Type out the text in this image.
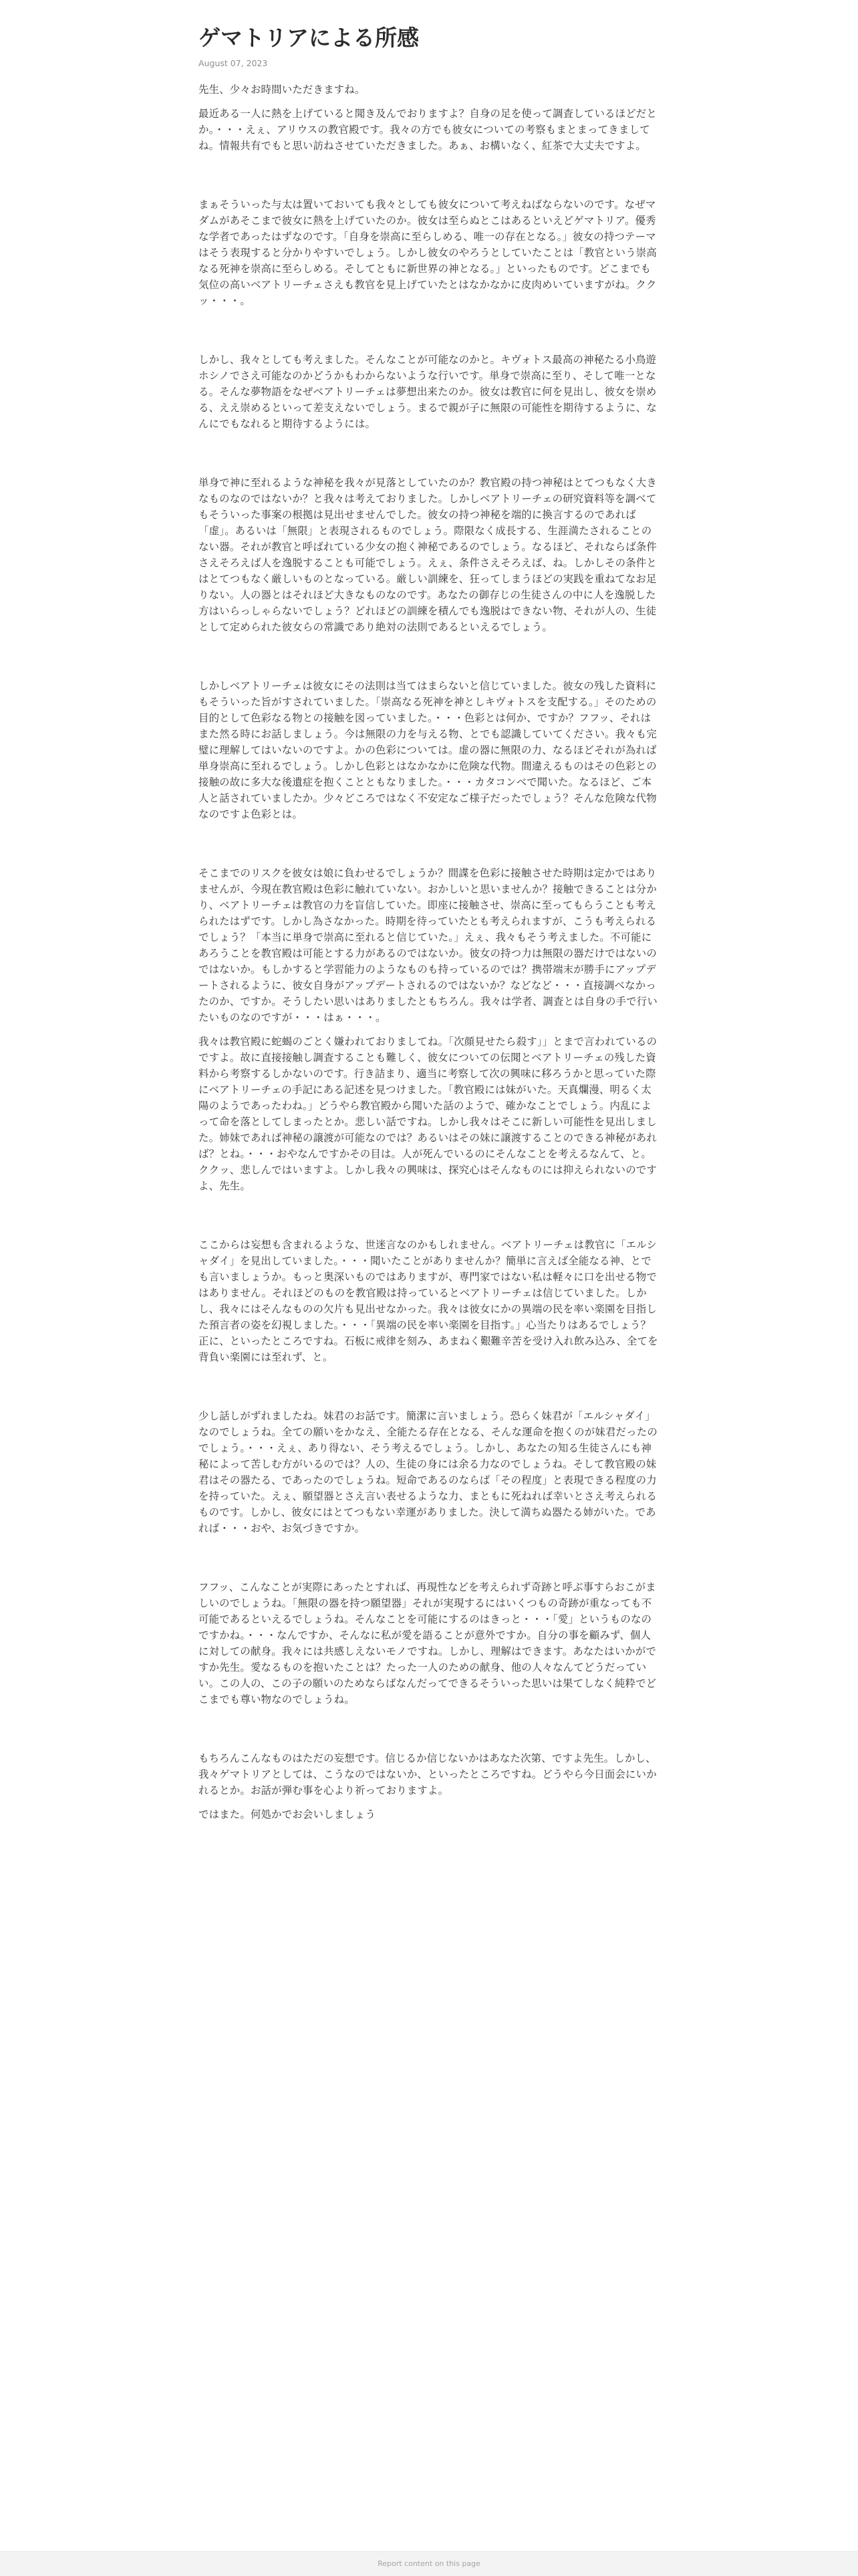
ゲマトリアによる所感
August 07, 2023

先生、少々お時間いただきますね。

最近ある一人に熱を上げていると聞き及んでおりますよ？自身の足を使って調査しているほどだとか。・・・えぇ、アリウスの教官殿です。我々の方でも彼女についての考察もまとまってきましてね。情報共有でもと思い訪ねさせていただきました。あぁ、お構いなく、紅茶で大丈夫ですよ。

まぁそういった与太は置いておいても我々としても彼女について考えねばならないのです。なぜマダムがあそこまで彼女に熱を上げていたのか。彼女は至らぬとこはあるといえどゲマトリア。優秀な学者であったはずなのです。「自身を崇高に至らしめる、唯一の存在となる。」彼女の持つテーマはそう表現すると分かりやすいでしょう。しかし彼女のやろうとしていたことは「教官という崇高なる死神を崇高に至らしめる。そしてともに新世界の神となる。」といったものです。どこまでも気位の高いベアトリーチェさえも教官を見上げていたとはなかなかに皮肉めいていますがね。ククッ・・・。

しかし、我々としても考えました。そんなことが可能なのかと。キヴォトス最高の神秘たる小鳥遊ホシノでさえ可能なのかどうかもわからないような行いです。単身で崇高に至り、そして唯一となる。そんな夢物語をなぜベアトリーチェは夢想出来たのか。彼女は教官に何を見出し、彼女を崇める、ええ崇めるといって差支えないでしょう。まるで親が子に無限の可能性を期待するように、なんにでもなれると期待するようには。

単身で神に至れるような神秘を我々が見落としていたのか？教官殿の持つ神秘はとてつもなく大きなものなのではないか？と我々は考えておりました。しかしベアトリーチェの研究資料等を調べてもそういった事案の根拠は見出せませんでした。彼女の持つ神秘を端的に換言するのであれば「虚」。あるいは「無限」と表現されるものでしょう。際限なく成長する、生涯満たされることのない器。それが教官と呼ばれている少女の抱く神秘であるのでしょう。なるほど、それならば条件さえそろえば人を逸脱することも可能でしょう。えぇ、条件さえそろえば、ね。しかしその条件とはとてつもなく厳しいものとなっている。厳しい訓練を、狂ってしまうほどの実践を重ねてなお足りない。人の器とはそれほど大きなものなのです。あなたの御存じの生徒さんの中に人を逸脱した方はいらっしゃらないでしょう？どれほどの訓練を積んでも逸脱はできない物、それが人の、生徒として定められた彼女らの常識であり絶対の法則であるといえるでしょう。

しかしベアトリーチェは彼女にその法則は当てはまらないと信じていました。彼女の残した資料にもそういった旨がすされていました。「崇高なる死神を神としキヴォトスを支配する。」そのための目的として色彩なる物との接触を図っていました。・・・色彩とは何か、ですか？フフッ、それはまた然る時にお話しましょう。今は無限の力を与える物、とでも認識していてください。我々も完璧に理解してはいないのですよ。かの色彩については。虚の器に無限の力、なるほどそれが為れば単身崇高に至れるでしょう。しかし色彩とはなかなかに危険な代物。間違えるものはその色彩との接触の故に多大な後遺症を抱くことともなりました。・・・カタコンベで聞いた。なるほど、ご本人と話されていましたか。少々どころではなく不安定なご様子だったでしょう？そんな危険な代物なのですよ色彩とは。

そこまでのリスクを彼女は娘に負わせるでしょうか？間諜を色彩に接触させた時期は定かではありませんが、今現在教官殿は色彩に触れていない。おかしいと思いませんか？接触できることは分かり、ベアトリーチェは教官の力を盲信していた。即座に接触させ、崇高に至ってもらうことも考えられたはずです。しかし為さなかった。時期を待っていたとも考えられますが、こうも考えられるでしょう？「本当に単身で崇高に至れると信じていた。」えぇ、我々もそう考えました。不可能にあろうことを教官殿は可能とする力があるのではないか。彼女の持つ力は無限の器だけではないのではないか。もしかすると学習能力のようなものも持っているのでは？携帯端末が勝手にアップデートされるように、彼女自身がアップデートされるのではないか？などなど・・・直接調べなかったのか、ですか。そうしたい思いはありましたともちろん。我々は学者、調査とは自身の手で行いたいものなのですが・・・はぁ・・・。

我々は教官殿に蛇蝎のごとく嫌われておりましてね。「次顔見せたら殺す」」とまで言われているのですよ。故に直接接触し調査することも難しく、彼女についての伝聞とベアトリーチェの残した資料から考察するしかないのです。行き詰まり、適当に考察して次の興味に移ろうかと思っていた際にベアトリーチェの手記にある記述を見つけました。「教官殿には妹がいた。天真爛漫、明るく太陽のようであったわね。」どうやら教官殿から聞いた話のようで、確かなことでしょう。内乱によって命を落としてしまったとか。悲しい話ですね。しかし我々はそこに新しい可能性を見出しました。姉妹であれば神秘の譲渡が可能なのでは？あるいはその妹に譲渡することのできる神秘があれば？とね。・・・おやなんですかその目は。人が死んでいるのにそんなことを考えるなんて、と。ククッ、悲しんではいますよ。しかし我々の興味は、探究心はそんなものには抑えられないのですよ、先生。

ここからは妄想も含まれるような、世迷言なのかもしれません。ベアトリーチェは教官に「エルシャダイ」を見出していました。・・・聞いたことがありませんか？簡単に言えば全能なる神、とでも言いましょうか。もっと奥深いものではありますが、専門家ではない私は軽々に口を出せる物ではありません。それほどのものを教官殿は持っているとベアトリーチェは信じていました。しかし、我々にはそんなものの欠片も見出せなかった。我々は彼女にかの異端の民を率い楽園を目指した預言者の姿を幻視しました。・・・「異端の民を率い楽園を目指す。」心当たりはあるでしょう？正に、といったところですね。石板に戒律を刻み、あまねく艱難辛苦を受け入れ飲み込み、全てを背負い楽園には至れず、と。

少し話しがずれましたね。妹君のお話です。簡潔に言いましょう。恐らく妹君が「エルシャダイ」なのでしょうね。全ての願いをかなえ、全能たる存在となる、そんな運命を抱くのが妹君だったのでしょう。・・・えぇ、あり得ない、そう考えるでしょう。しかし、あなたの知る生徒さんにも神秘によって苦しむ方がいるのでは？人の、生徒の身には余る力なのでしょうね。そして教官殿の妹君はその器たる、であったのでしょうね。短命であるのならば「その程度」と表現できる程度の力を持っていた。えぇ、願望器とさえ言い表せるような力、まともに死ねれば幸いとさえ考えられるものです。しかし、彼女にはとてつもない幸運がありました。決して満ちぬ器たる姉がいた。であれば・・・おや、お気づきですか。

フフッ、こんなことが実際にあったとすれば、再現性などを考えられず奇跡と呼ぶ事すらおこがましいのでしょうね。「無限の器を持つ願望器」それが実現するにはいくつもの奇跡が重なっても不可能であるといえるでしょうね。そんなことを可能にするのはきっと・・・「愛」というものなのですかね。・・・なんですか、そんなに私が愛を語ることが意外ですか。自分の事を顧みず、個人に対しての献身。我々には共感しえないモノですね。しかし、理解はできます。あなたはいかがですか先生。愛なるものを抱いたことは？たった一人のための献身、他の人々なんてどうだっていい。この人の、この子の願いのためならばなんだってできるそういった思いは果てしなく純粋でどこまでも尊い物なのでしょうね。

もちろんこんなものはただの妄想です。信じるか信じないかはあなた次第、ですよ先生。しかし、我々ゲマトリアとしては、こうなのではないか、といったところですね。どうやら今日面会にいかれるとか。お話が弾む事を心より祈っておりますよ。

ではまた。何処かでお会いしましょう

Report content on this page
